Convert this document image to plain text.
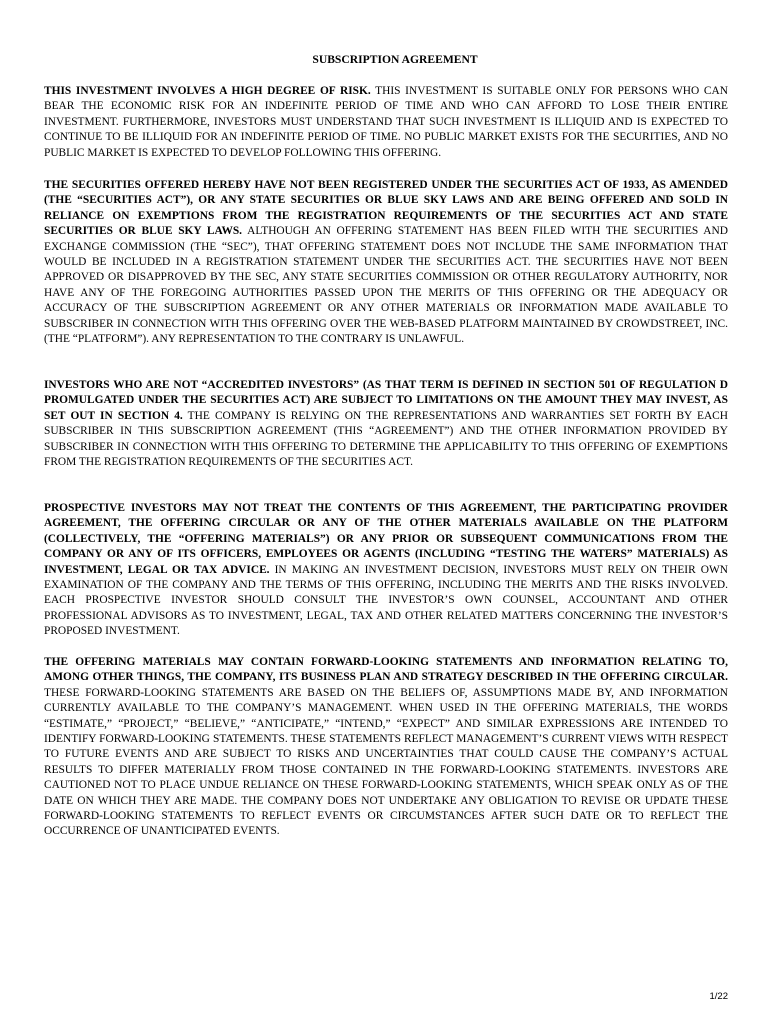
SUBSCRIPTION AGREEMENT

THIS INVESTMENT INVOLVES A HIGH DEGREE OF RISK. THIS INVESTMENT IS SUITABLE ONLY FOR PERSONS WHO CAN BEAR THE ECONOMIC RISK FOR AN INDEFINITE PERIOD OF TIME AND WHO CAN AFFORD TO LOSE THEIR ENTIRE INVESTMENT. FURTHERMORE, INVESTORS MUST UNDERSTAND THAT SUCH INVESTMENT IS ILLIQUID AND IS EXPECTED TO CONTINUE TO BE ILLIQUID FOR AN INDEFINITE PERIOD OF TIME. NO PUBLIC MARKET EXISTS FOR THE SECURITIES, AND NO PUBLIC MARKET IS EXPECTED TO DEVELOP FOLLOWING THIS OFFERING.

THE SECURITIES OFFERED HEREBY HAVE NOT BEEN REGISTERED UNDER THE SECURITIES ACT OF 1933, AS AMENDED (THE “SECURITIES ACT”), OR ANY STATE SECURITIES OR BLUE SKY LAWS AND ARE BEING OFFERED AND SOLD IN RELIANCE ON EXEMPTIONS FROM THE REGISTRATION REQUIREMENTS OF THE SECURITIES ACT AND STATE SECURITIES OR BLUE SKY LAWS. ALTHOUGH AN OFFERING STATEMENT HAS BEEN FILED WITH THE SECURITIES AND EXCHANGE COMMISSION (THE “SEC”), THAT OFFERING STATEMENT DOES NOT INCLUDE THE SAME INFORMATION THAT WOULD BE INCLUDED IN A REGISTRATION STATEMENT UNDER THE SECURITIES ACT. THE SECURITIES HAVE NOT BEEN APPROVED OR DISAPPROVED BY THE SEC, ANY STATE SECURITIES COMMISSION OR OTHER REGULATORY AUTHORITY, NOR HAVE ANY OF THE FOREGOING AUTHORITIES PASSED UPON THE MERITS OF THIS OFFERING OR THE ADEQUACY OR ACCURACY OF THE SUBSCRIPTION AGREEMENT OR ANY OTHER MATERIALS OR INFORMATION MADE AVAILABLE TO SUBSCRIBER IN CONNECTION WITH THIS OFFERING OVER THE WEB-BASED PLATFORM MAINTAINED BY CROWDSTREET, INC. (THE “PLATFORM”). ANY REPRESENTATION TO THE CONTRARY IS UNLAWFUL.

INVESTORS WHO ARE NOT “ACCREDITED INVESTORS” (AS THAT TERM IS DEFINED IN SECTION 501 OF REGULATION D PROMULGATED UNDER THE SECURITIES ACT) ARE SUBJECT TO LIMITATIONS ON THE AMOUNT THEY MAY INVEST, AS SET OUT IN SECTION 4. THE COMPANY IS RELYING ON THE REPRESENTATIONS AND WARRANTIES SET FORTH BY EACH SUBSCRIBER IN THIS SUBSCRIPTION AGREEMENT (THIS “AGREEMENT”) AND THE OTHER INFORMATION PROVIDED BY SUBSCRIBER IN CONNECTION WITH THIS OFFERING TO DETERMINE THE APPLICABILITY TO THIS OFFERING OF EXEMPTIONS FROM THE REGISTRATION REQUIREMENTS OF THE SECURITIES ACT.

PROSPECTIVE INVESTORS MAY NOT TREAT THE CONTENTS OF THIS AGREEMENT, THE PARTICIPATING PROVIDER AGREEMENT, THE OFFERING CIRCULAR OR ANY OF THE OTHER MATERIALS AVAILABLE ON THE PLATFORM (COLLECTIVELY, THE “OFFERING MATERIALS”) OR ANY PRIOR OR SUBSEQUENT COMMUNICATIONS FROM THE COMPANY OR ANY OF ITS OFFICERS, EMPLOYEES OR AGENTS (INCLUDING “TESTING THE WATERS” MATERIALS) AS INVESTMENT, LEGAL OR TAX ADVICE. IN MAKING AN INVESTMENT DECISION, INVESTORS MUST RELY ON THEIR OWN EXAMINATION OF THE COMPANY AND THE TERMS OF THIS OFFERING, INCLUDING THE MERITS AND THE RISKS INVOLVED. EACH PROSPECTIVE INVESTOR SHOULD CONSULT THE INVESTOR’S OWN COUNSEL, ACCOUNTANT AND OTHER PROFESSIONAL ADVISORS AS TO INVESTMENT, LEGAL, TAX AND OTHER RELATED MATTERS CONCERNING THE INVESTOR’S PROPOSED INVESTMENT.

THE OFFERING MATERIALS MAY CONTAIN FORWARD-LOOKING STATEMENTS AND INFORMATION RELATING TO, AMONG OTHER THINGS, THE COMPANY, ITS BUSINESS PLAN AND STRATEGY DESCRIBED IN THE OFFERING CIRCULAR. THESE FORWARD-LOOKING STATEMENTS ARE BASED ON THE BELIEFS OF, ASSUMPTIONS MADE BY, AND INFORMATION CURRENTLY AVAILABLE TO THE COMPANY’S MANAGEMENT. WHEN USED IN THE OFFERING MATERIALS, THE WORDS “ESTIMATE,” “PROJECT,” “BELIEVE,” “ANTICIPATE,” “INTEND,” “EXPECT” AND SIMILAR EXPRESSIONS ARE INTENDED TO IDENTIFY FORWARD-LOOKING STATEMENTS. THESE STATEMENTS REFLECT MANAGEMENT’S CURRENT VIEWS WITH RESPECT TO FUTURE EVENTS AND ARE SUBJECT TO RISKS AND UNCERTAINTIES THAT COULD CAUSE THE COMPANY’S ACTUAL RESULTS TO DIFFER MATERIALLY FROM THOSE CONTAINED IN THE FORWARD-LOOKING STATEMENTS. INVESTORS ARE CAUTIONED NOT TO PLACE UNDUE RELIANCE ON THESE FORWARD-LOOKING STATEMENTS, WHICH SPEAK ONLY AS OF THE DATE ON WHICH THEY ARE MADE. THE COMPANY DOES NOT UNDERTAKE ANY OBLIGATION TO REVISE OR UPDATE THESE FORWARD-LOOKING STATEMENTS TO REFLECT EVENTS OR CIRCUMSTANCES AFTER SUCH DATE OR TO REFLECT THE OCCURRENCE OF UNANTICIPATED EVENTS.

1/22
